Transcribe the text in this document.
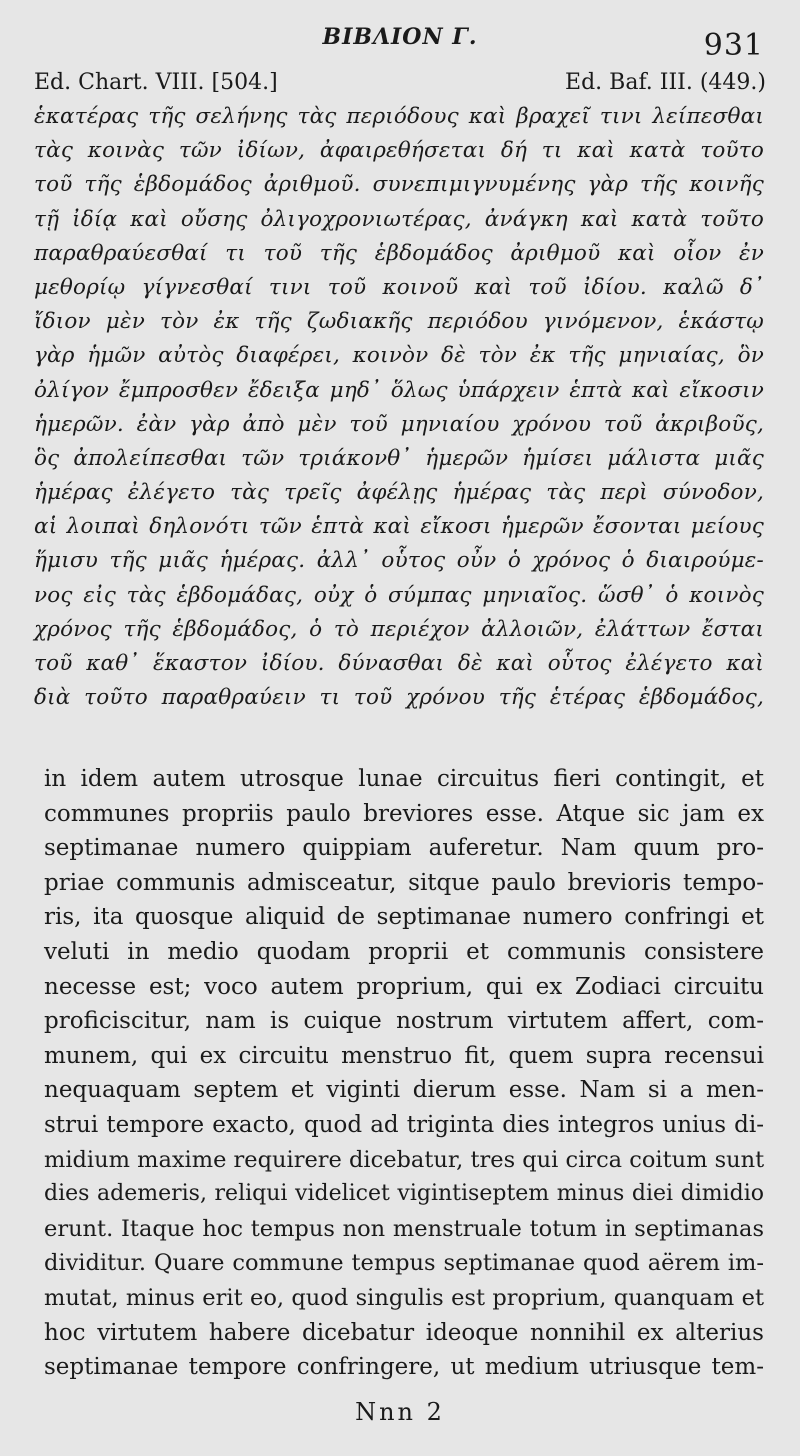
ΒΙΒΛΙΟΝ Γ.	931
Ed. Chart. VIII. [504.]	Ed. Baf. III. (449.)
ἑκατέρας τῆς σελήνης τὰς περιόδους καὶ βραχεῖ τινι λείπεσθαι
τὰς κοινὰς τῶν ἰδίων, ἀφαιρεθήσεται δή τι καὶ κατὰ τοῦτο
τοῦ τῆς ἑβδομάδος ἀριθμοῦ. συνεπιμιγνυμένης γὰρ τῆς κοινῆς
τῇ ἰδίᾳ καὶ οὔσης ὀλιγοχρονιωτέρας, ἀνάγκη καὶ κατὰ τοῦτο
παραθραύεσθαί τι τοῦ τῆς ἑβδομάδος ἀριθμοῦ καὶ οἷον ἐν
μεθορίῳ γίγνεσθαί τινι τοῦ κοινοῦ καὶ τοῦ ἰδίου. καλῶ δ᾽
ἴδιον μὲν τὸν ἐκ τῆς ζωδιακῆς περιόδου γινόμενον, ἑκάστῳ
γὰρ ἡμῶν αὐτὸς διαφέρει, κοινὸν δὲ τὸν ἐκ τῆς μηνιαίας, ὃν
ὀλίγον ἔμπροσθεν ἔδειξα μηδ᾽ ὅλως ὑπάρχειν ἑπτὰ καὶ εἴκοσιν
ἡμερῶν. ἐὰν γὰρ ἀπὸ μὲν τοῦ μηνιαίου χρόνου τοῦ ἀκριβοῦς,
ὃς ἀπολείπεσθαι τῶν τριάκονθ᾽ ἡμερῶν ἡμίσει μάλιστα μιᾶς
ἡμέρας ἐλέγετο τὰς τρεῖς ἀφέλῃς ἡμέρας τὰς περὶ σύνοδον,
αἱ λοιπαὶ δηλονότι τῶν ἑπτὰ καὶ εἴκοσι ἡμερῶν ἔσονται μείους
ἥμισυ τῆς μιᾶς ἡμέρας. ἀλλ᾽ οὗτος οὖν ὁ χρόνος ὁ διαιρούμε-
νος εἰς τὰς ἑβδομάδας, οὐχ ὁ σύμπας μηνιαῖος. ὥσθ᾽ ὁ κοινὸς
χρόνος τῆς ἑβδομάδος, ὁ τὸ περιέχον ἀλλοιῶν, ἐλάττων ἔσται
τοῦ καθ᾽ ἕκαστον ἰδίου. δύνασθαι δὲ καὶ οὗτος ἐλέγετο καὶ
διὰ τοῦτο παραθραύειν τι τοῦ χρόνου τῆς ἑτέρας ἑβδομάδος,
in idem autem utrosque lunae circuitus fieri contingit, et
communes propriis paulo breviores esse. Atque sic jam ex
septimanae numero quippiam auferetur. Nam quum pro-
priae communis admisceatur, sitque paulo brevioris tempo-
ris, ita quosque aliquid de septimanae numero confringi et
veluti in medio quodam proprii et communis consistere
necesse est; voco autem proprium, qui ex Zodiaci circuitu
proficiscitur, nam is cuique nostrum virtutem affert, com-
munem, qui ex circuitu menstruo fit, quem supra recensui
nequaquam septem et viginti dierum esse. Nam si a men-
strui tempore exacto, quod ad triginta dies integros unius di-
midium maxime requirere dicebatur, tres qui circa coitum sunt
dies ademeris, reliqui videlicet vigintiseptem minus diei dimidio
erunt. Itaque hoc tempus non menstruale totum in septimanas
dividitur. Quare commune tempus septimanae quod aërem im-
mutat, minus erit eo, quod singulis est proprium, quanquam et
hoc virtutem habere dicebatur ideoque nonnihil ex alterius
septimanae tempore confringere, ut medium utriusque tem-
Nnn 2
